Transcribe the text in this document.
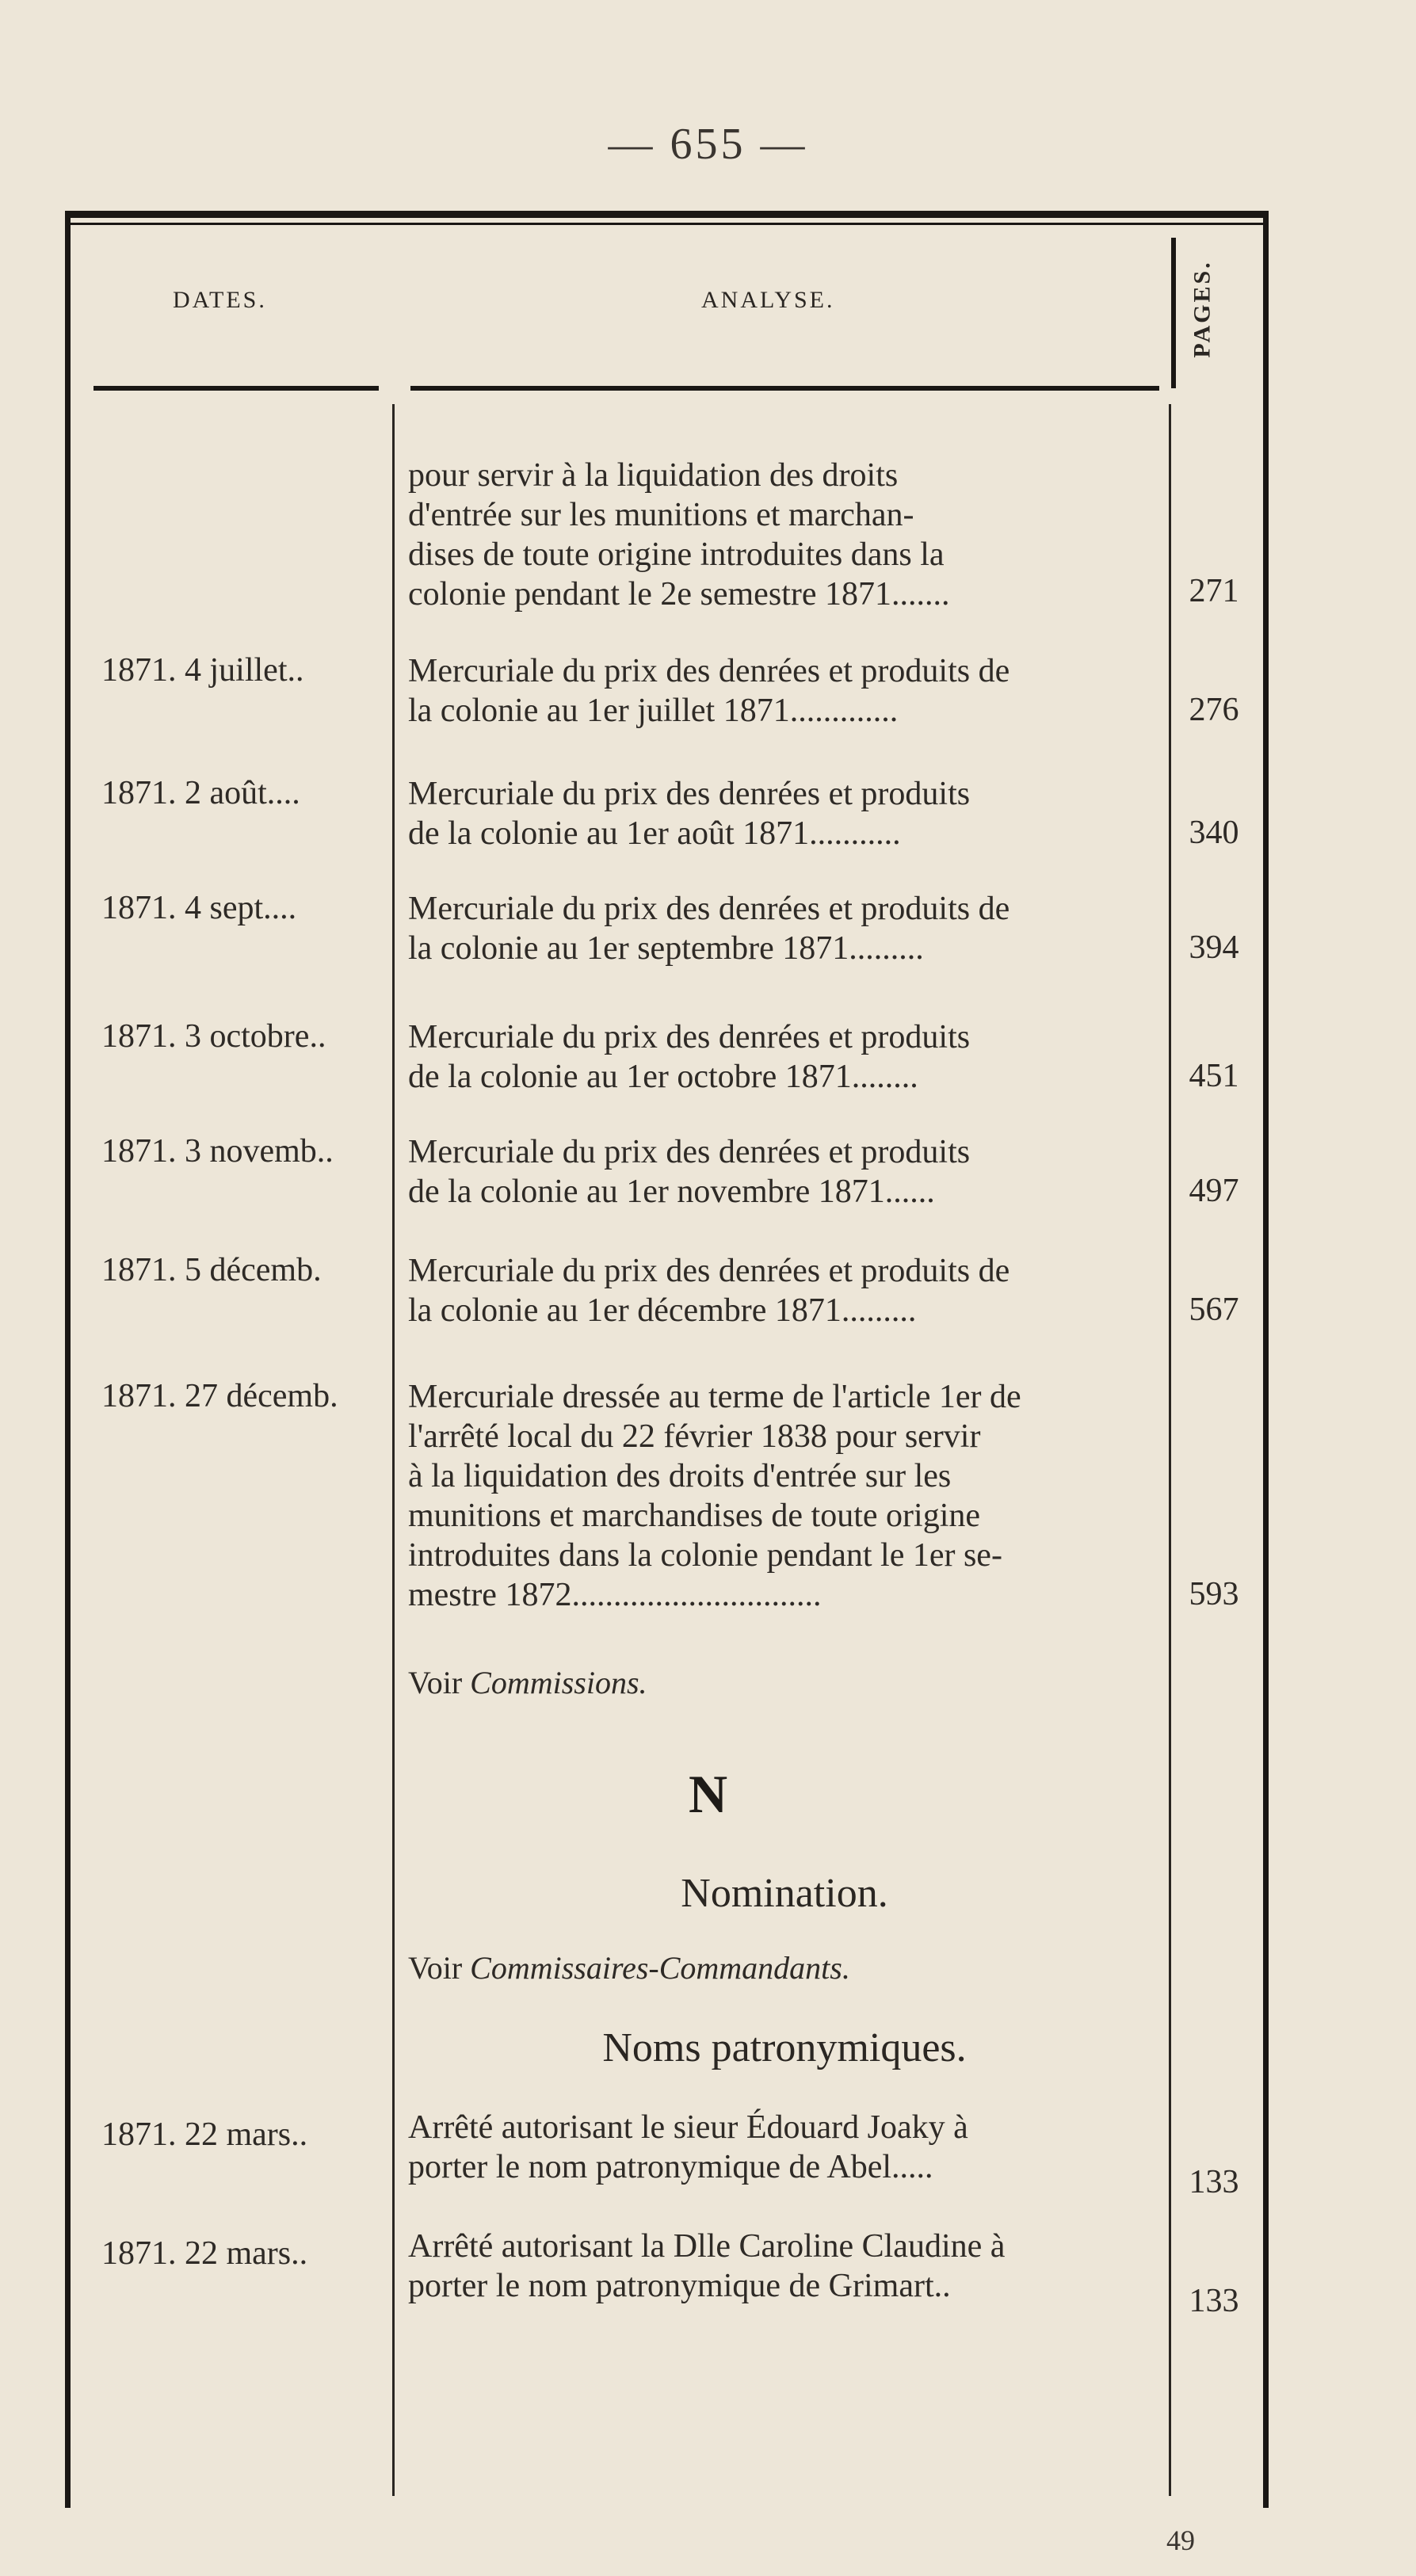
— 655 —
DATES.	ANALYSE.	PAGES.
pour servir à la liquidation des droits
d'entrée sur les munitions et marchan-
dises de toute origine introduites dans la
colonie pendant le 2e semestre 1871.......	271
1871. 4 juillet..	Mercuriale du prix des denrées et produits de
la colonie au 1er juillet 1871.............	276
1871. 2 août....	Mercuriale du prix des denrées et produits
de la colonie au 1er août 1871...........	340
1871. 4 sept....	Mercuriale du prix des denrées et produits de
la colonie au 1er septembre 1871.........	394
1871. 3 octobre..	Mercuriale du prix des denrées et produits
de la colonie au 1er octobre 1871........	451
1871. 3 novemb..	Mercuriale du prix des denrées et produits
de la colonie au 1er novembre 1871......	497
1871. 5 décemb.	Mercuriale du prix des denrées et produits de
la colonie au 1er décembre 1871.........	567
1871. 27 décemb.	Mercuriale dressée au terme de l'article 1er de
l'arrêté local du 22 février 1838 pour servir
à la liquidation des droits d'entrée sur les
munitions et marchandises de toute origine
introduites dans la colonie pendant le 1er se-
mestre 1872..............................	593
Voir Commissions.
N
Nomination.
Voir Commissaires-Commandants.
Noms patronymiques.
1871. 22 mars..	Arrêté autorisant le sieur Édouard Joaky à
porter le nom patronymique de Abel.....	133
1871. 22 mars..	Arrêté autorisant la Dlle Caroline Claudine à
porter le nom patronymique de Grimart..	133
49
